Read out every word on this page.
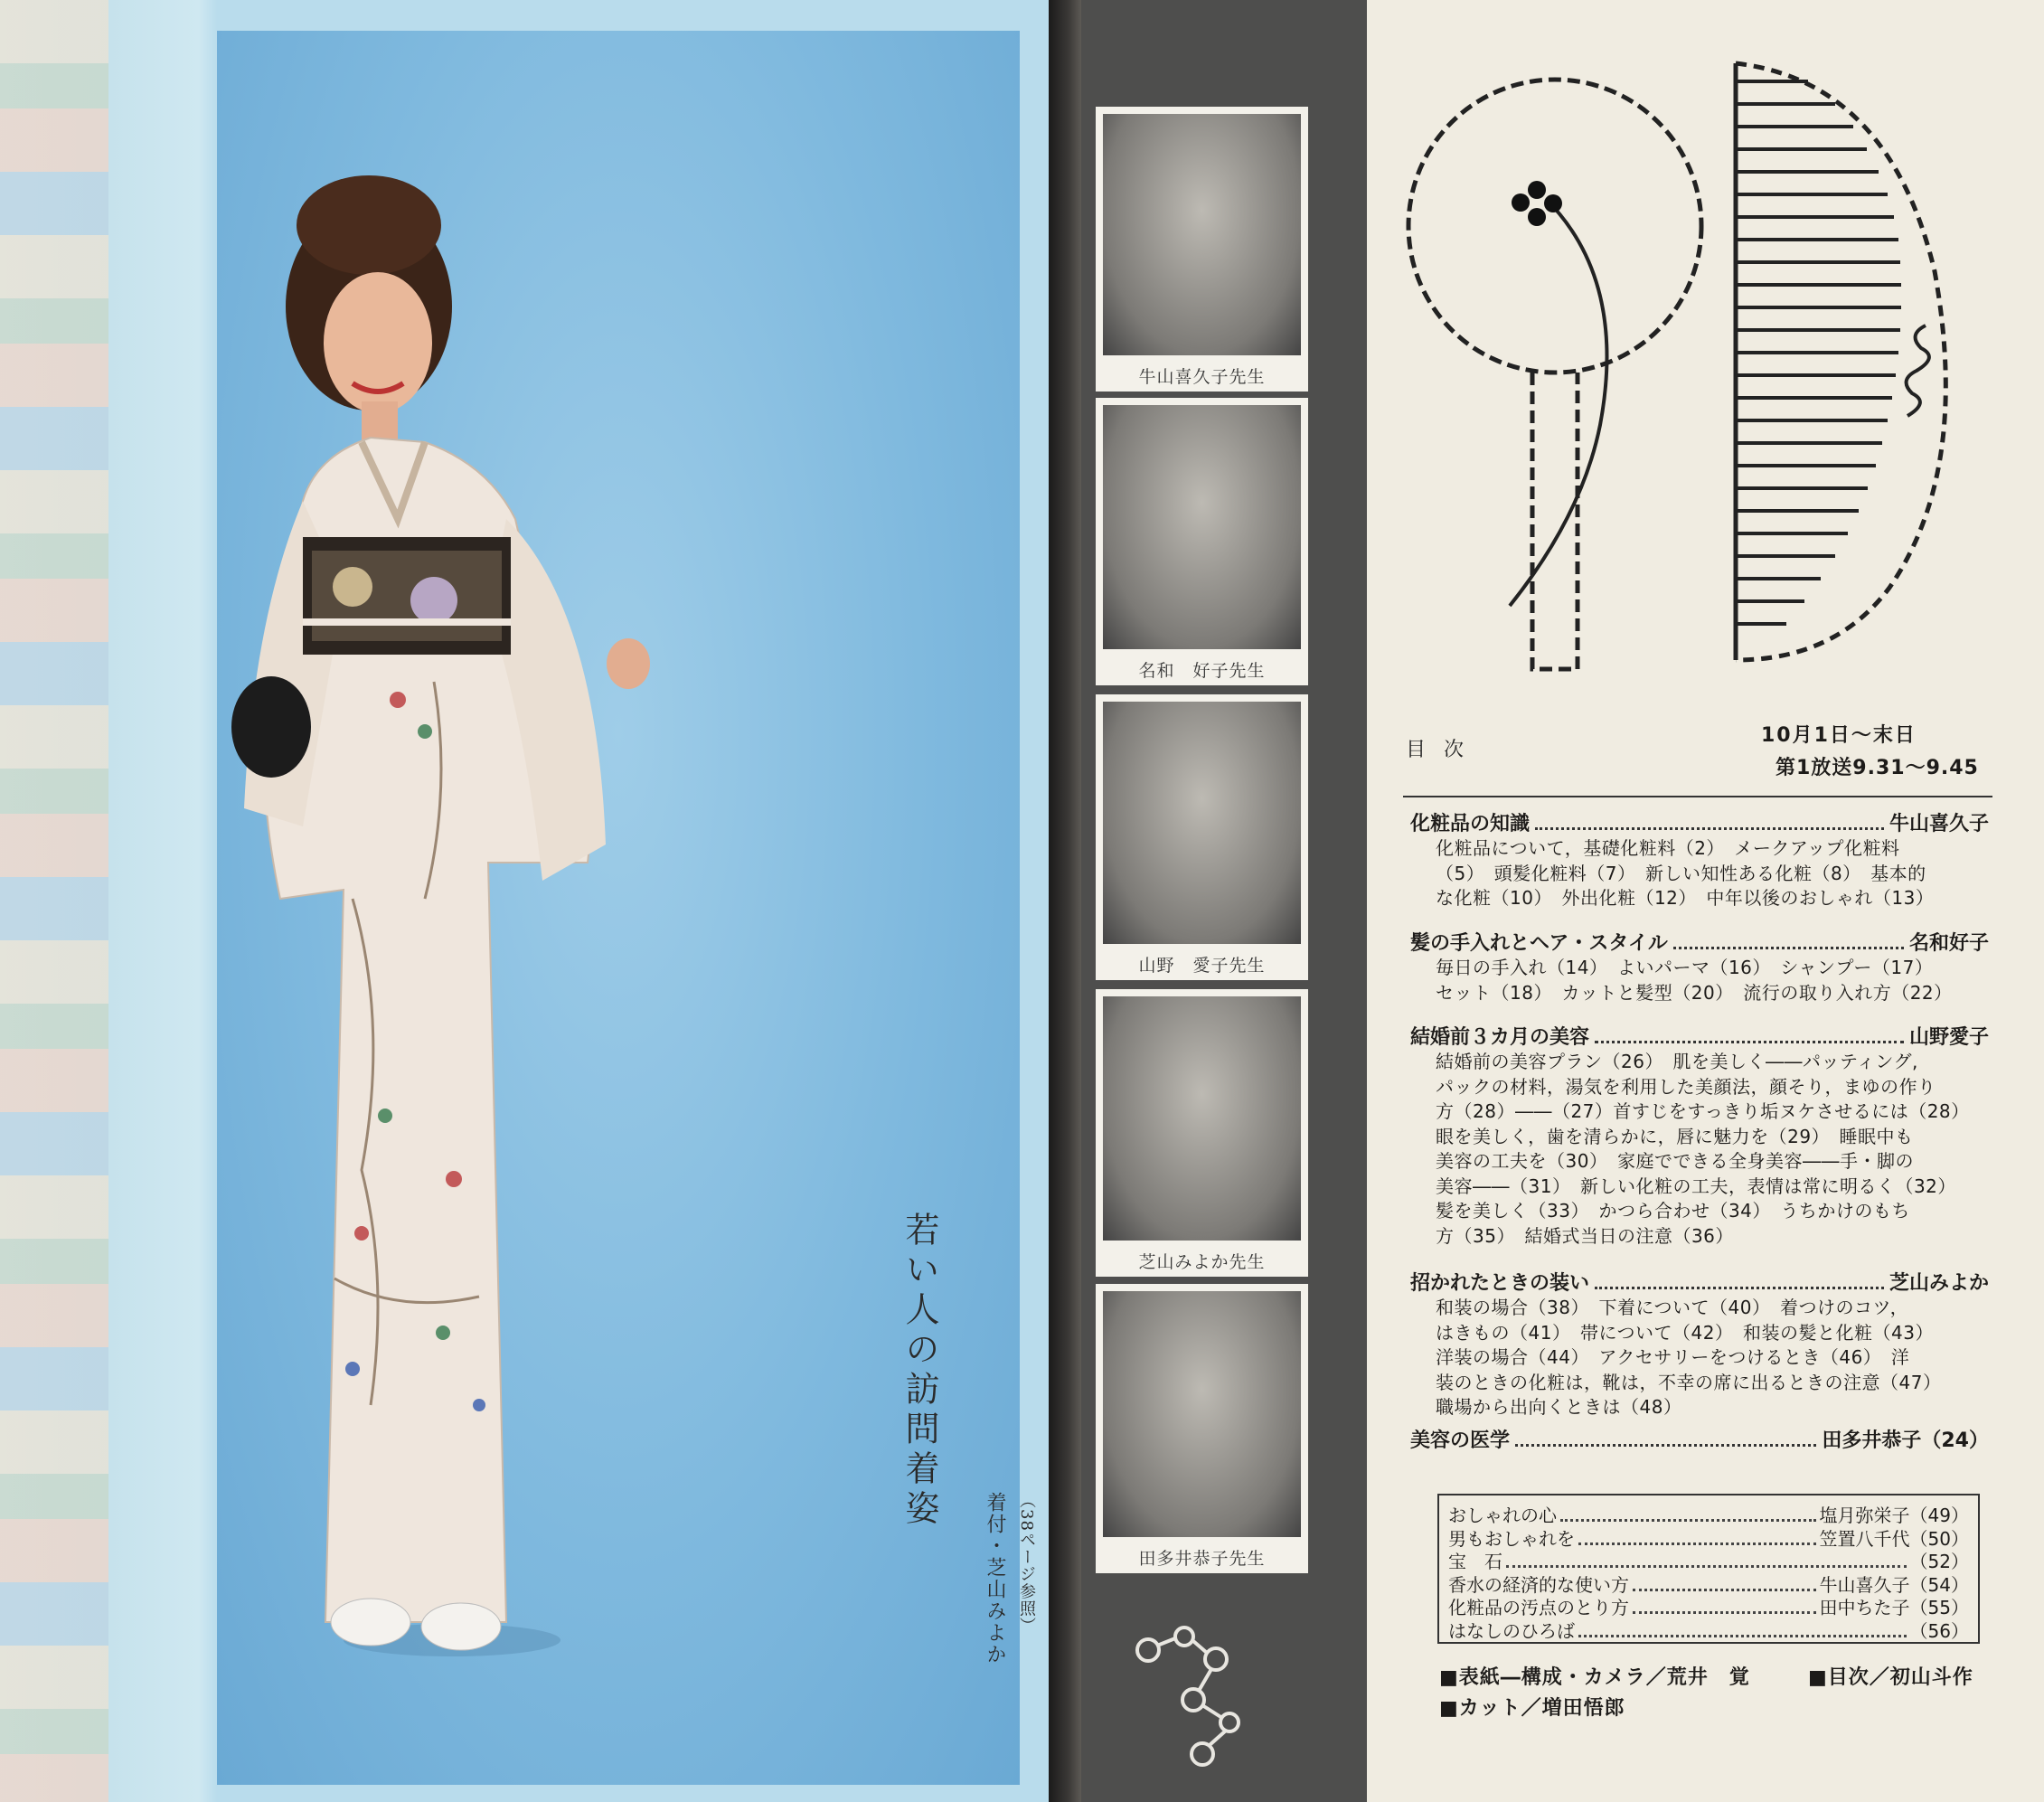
若い人の訪問着姿
着付・芝山みよか （38ページ参照）
牛山喜久子先生
名和　好子先生
山野　愛子先生
芝山みよか先生
田多井恭子先生
目次
10月1日～末日
第1放送9.31～9.45
化粧品の知識	牛山喜久子
化粧品について，基礎化粧料（2）　メークアップ化粧料
（5）　頭髪化粧料（7）　新しい知性ある化粧（8）　基本的
な化粧（10）　外出化粧（12）　中年以後のおしゃれ（13）
髪の手入れとヘア・スタイル	名和好子
毎日の手入れ（14）　よいパーマ（16）　シャンプー（17）
セット（18）　カットと髪型（20）　流行の取り入れ方（22）
結婚前３カ月の美容	山野愛子
結婚前の美容プラン（26）　肌を美しく――パッティング,
パックの材料，湯気を利用した美顔法，顔そり，まゆの作り
方（28）――（27）首すじをすっきり垢ヌケさせるには（28）
眼を美しく，歯を清らかに，唇に魅力を（29）　睡眠中も
美容の工夫を（30）　家庭でできる全身美容――手・脚の
美容――（31）　新しい化粧の工夫，表情は常に明るく（32）
髪を美しく（33）　かつら合わせ（34）　うちかけのもち
方（35）　結婚式当日の注意（36）
招かれたときの装い	芝山みよか
和装の場合（38）　下着について（40）　着つけのコツ，
はきもの（41）　帯について（42）　和装の髪と化粧（43）
洋装の場合（44）　アクセサリーをつけるとき（46）　洋
装のときの化粧は，靴は，不幸の席に出るときの注意（47）
職場から出向くときは（48）
美容の医学	田多井恭子（24）
おしゃれの心	塩月弥栄子（49）
男もおしゃれを	笠置八千代（50）
宝　石	（52）
香水の経済的な使い方	牛山喜久子（54）
化粧品の汚点のとり方	田中ちた子（55）
はなしのひろば	（56）
■表紙―構成・カメラ／荒井　覚	■目次／初山斗作
■カット／増田悟郎
